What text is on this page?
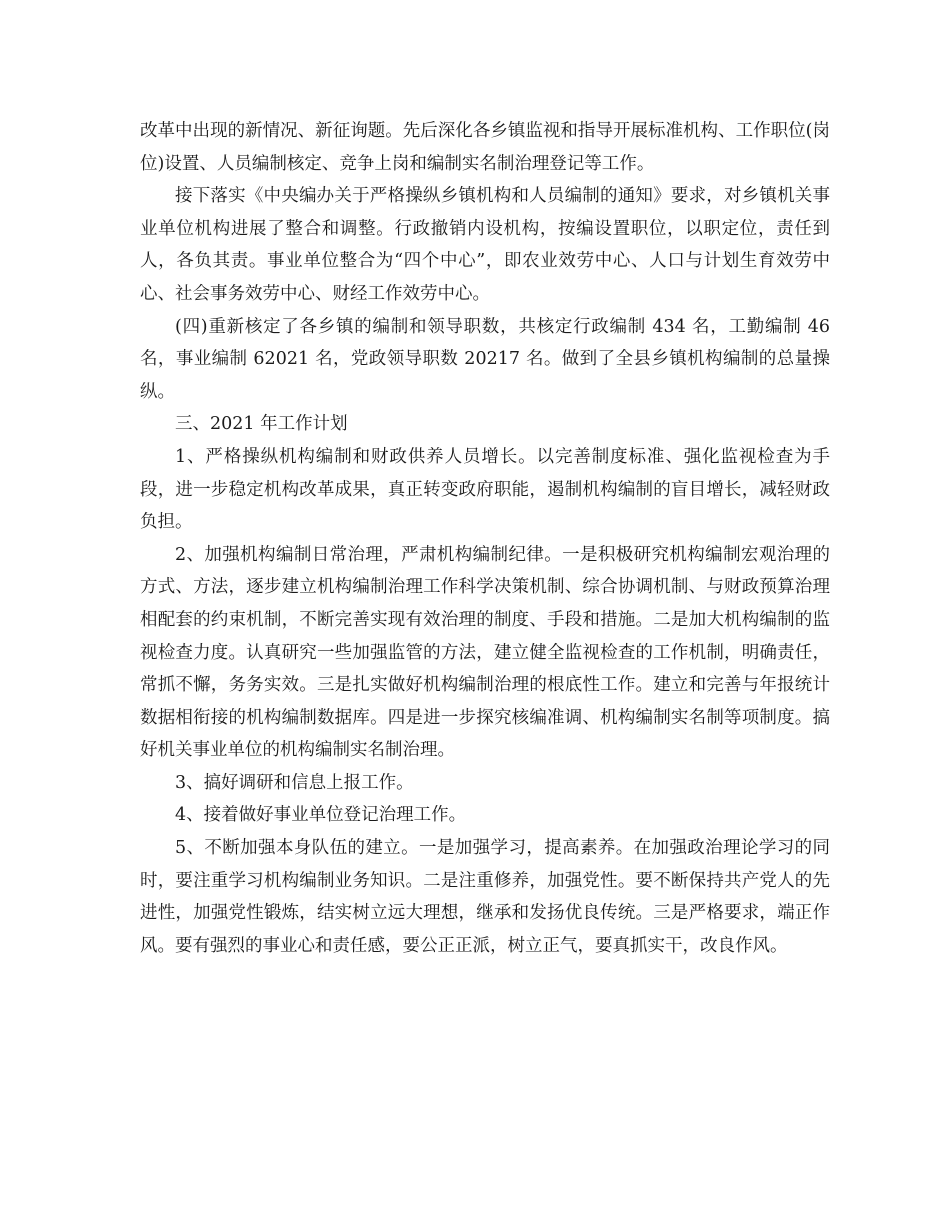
改革中出现的新情况、新征询题。先后深化各乡镇监视和指导开展标准机构、工作职位(岗位)设置、人员编制核定、竞争上岗和编制实名制治理登记等工作。

接下落实《中央编办关于严格操纵乡镇机构和人员编制的通知》要求，对乡镇机关事业单位机构进展了整合和调整。行政撤销内设机构，按编设置职位，以职定位，责任到人，各负其责。事业单位整合为“四个中心”，即农业效劳中心、人口与计划生育效劳中心、社会事务效劳中心、财经工作效劳中心。

(四)重新核定了各乡镇的编制和领导职数，共核定行政编制 434 名，工勤编制 46 名，事业编制 62021 名，党政领导职数 20217 名。做到了全县乡镇机构编制的总量操纵。

三、2021 年工作计划

1、严格操纵机构编制和财政供养人员增长。以完善制度标准、强化监视检查为手段，进一步稳定机构改革成果，真正转变政府职能，遏制机构编制的盲目增长，减轻财政负担。

2、加强机构编制日常治理，严肃机构编制纪律。一是积极研究机构编制宏观治理的方式、方法，逐步建立机构编制治理工作科学决策机制、综合协调机制、与财政预算治理相配套的约束机制，不断完善实现有效治理的制度、手段和措施。二是加大机构编制的监视检查力度。认真研究一些加强监管的方法，建立健全监视检查的工作机制，明确责任，常抓不懈，务务实效。三是扎实做好机构编制治理的根底性工作。建立和完善与年报统计数据相衔接的机构编制数据库。四是进一步探究核编准调、机构编制实名制等项制度。搞好机关事业单位的机构编制实名制治理。

3、搞好调研和信息上报工作。

4、接着做好事业单位登记治理工作。

5、不断加强本身队伍的建立。一是加强学习，提高素养。在加强政治理论学习的同时，要注重学习机构编制业务知识。二是注重修养，加强党性。要不断保持共产党人的先进性，加强党性锻炼，结实树立远大理想，继承和发扬优良传统。三是严格要求，端正作风。要有强烈的事业心和责任感，要公正正派，树立正气，要真抓实干，改良作风。
